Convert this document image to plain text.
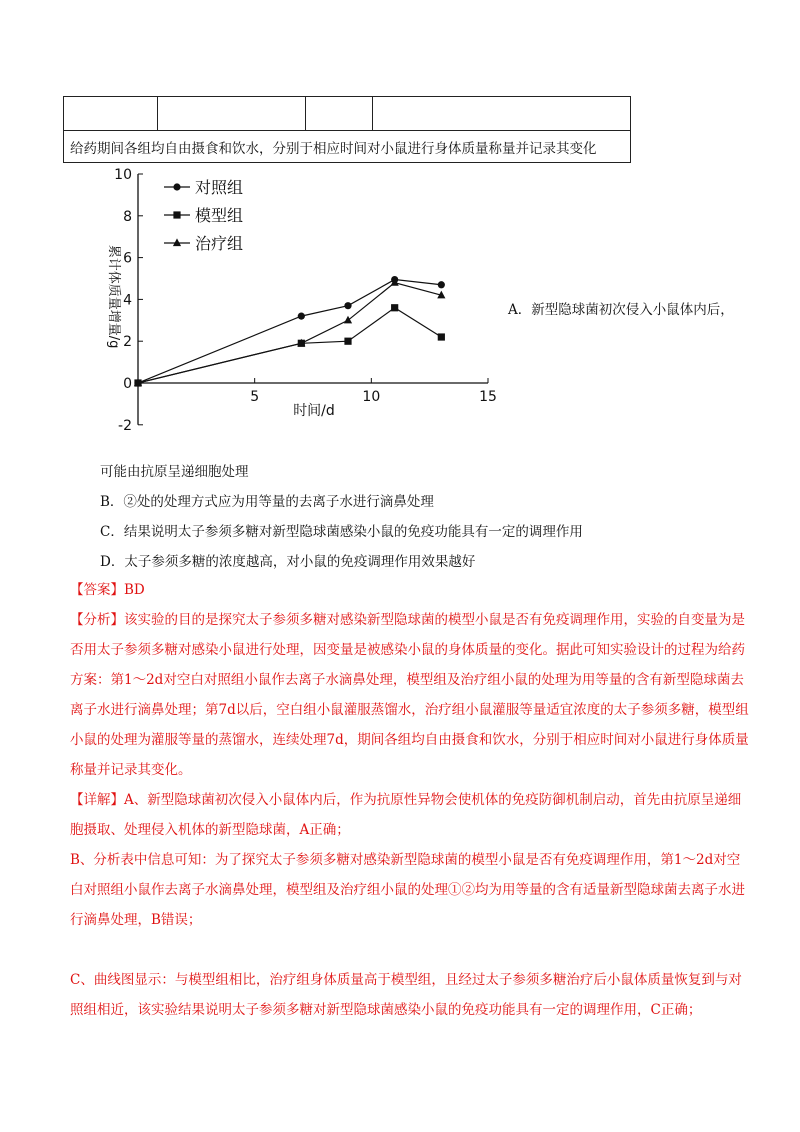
给药期间各组均自由摄食和饮水，分别于相应时间对小鼠进行身体质量称量并记录其变化
-2
0
2
4
6
8
10
5	10	15
对照组
模型组
治疗组
时间/d
累计体质量增量/g	A．新型隐球菌初次侵入小鼠体内后，
可能由抗原呈递细胞处理
B．②处的处理方式应为用等量的去离子水进行滴鼻处理
C．结果说明太子参须多糖对新型隐球菌感染小鼠的免疫功能具有一定的调理作用
D．太子参须多糖的浓度越高，对小鼠的免疫调理作用效果越好
【答案】BD
【分析】该实验的目的是探究太子参须多糖对感染新型隐球菌的模型小鼠是否有免疫调理作用，实验的自变量为是否用太子参须多糖对感染小鼠进行处理，因变量是被感染小鼠的身体质量的变化。据此可知实验设计的过程为给药方案：第1～2d对空白对照组小鼠作去离子水滴鼻处理，模型组及治疗组小鼠的处理为用等量的含有新型隐球菌去离子水进行滴鼻处理；第7d以后，空白组小鼠灌服蒸馏水，治疗组小鼠灌服等量适宜浓度的太子参须多糖，模型组小鼠的处理为灌服等量的蒸馏水，连续处理7d，期间各组均自由摄食和饮水，分别于相应时间对小鼠进行身体质量称量并记录其变化。
【详解】A、新型隐球菌初次侵入小鼠体内后，作为抗原性异物会使机体的免疫防御机制启动，首先由抗原呈递细胞摄取、处理侵入机体的新型隐球菌，A正确；
B、分析表中信息可知：为了探究太子参须多糖对感染新型隐球菌的模型小鼠是否有免疫调理作用，第1～2d对空白对照组小鼠作去离子水滴鼻处理，模型组及治疗组小鼠的处理①②均为用等量的含有适量新型隐球菌去离子水进行滴鼻处理，B错误；
C、曲线图显示：与模型组相比，治疗组身体质量高于模型组，且经过太子参须多糖治疗后小鼠体质量恢复到与对照组相近，该实验结果说明太子参须多糖对新型隐球菌感染小鼠的免疫功能具有一定的调理作用，C正确；
